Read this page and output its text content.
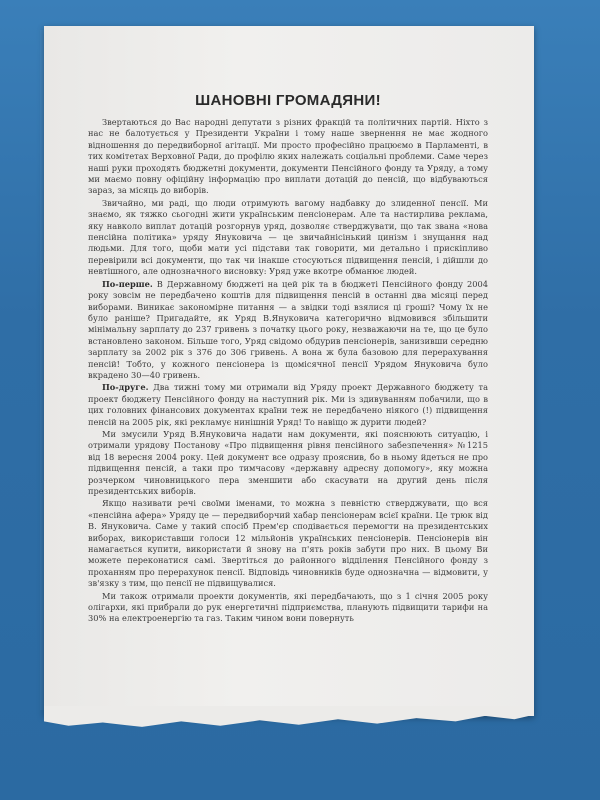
ШАНОВНІ ГРОМАДЯНИ!

Звертаються до Вас народні депутати з різних фракцій та політичних партій. Ніхто з нас не балотується у Президенти України і тому наше звернення не має жодного відношення до передвиборної агітації. Ми просто професійно працюємо в Парламенті, в тих комітетах Верховної Ради, до профілю яких належать соціальні проблеми. Саме через наші руки проходять бюджетні документи, документи Пенсійного фонду та Уряду, а тому ми маємо повну офіційну інформацію про виплати дотацій до пенсій, що відбуваються зараз, за місяць до виборів.

Звичайно, ми раді, що люди отримують вагому надбавку до злиденної пенсії. Ми знаємо, як тяжко сьогодні жити українським пенсіонерам. Але та настирлива реклама, яку навколо виплат дотацій розгорнув уряд, дозволяє стверджувати, що так звана «нова пенсійна політика» уряду Януковича — це звичайнісінький цинізм і знущання над людьми. Для того, щоби мати усі підстави так говорити, ми детально і прискіпливо перевірили всі документи, що так чи інакше стосуються підвищення пенсій, і дійшли до невтішного, але однозначного висновку: Уряд уже вкотре обманює людей.

По-перше. В Державному бюджеті на цей рік та в бюджеті Пенсійного фонду 2004 року зовсім не передбачено коштів для підвищення пенсій в останні два місяці перед виборами. Виникає закономірне питання — а звідки тоді взялися ці гроші? Чому їх не було раніше? Пригадайте, як Уряд В.Януковича категорично відмовився збільшити мінімальну зарплату до 237 гривень з початку цього року, незважаючи на те, що це було встановлено законом. Більше того, Уряд свідомо обдурив пенсіонерів, занизивши середню зарплату за 2002 рік з 376 до 306 гривень. А вона ж була базовою для перерахування пенсій! Тобто, у кожного пенсіонера із щомісячної пенсії Урядом Януковича було вкрадено 30—40 гривень.

По-друге. Два тижні тому ми отримали від Уряду проект Державного бюджету та проект бюджету Пенсійного фонду на наступний рік. Ми із здивуванням побачили, що в цих головних фінансових документах країни теж не передбачено ніякого (!) підвищення пенсій на 2005 рік, які рекламує нинішній Уряд! То навіщо ж дурити людей?

Ми змусили Уряд В.Януковича надати нам документи, які пояснюють ситуацію, і отримали урядову Постанову «Про підвищення рівня пенсійного забезпечення» №1215 від 18 вересня 2004 року. Цей документ все одразу прояснив, бо в ньому йдеться не про підвищення пенсій, а таки про тимчасову «державну адресну допомогу», яку можна розчерком чиновницького пера зменшити або скасувати на другий день після президентських виборів.

Якщо називати речі своїми іменами, то можна з певністю стверджувати, що вся «пенсійна афера» Уряду це — передвиборчий хабар пенсіонерам всієї країни. Це трюк від В. Януковича. Саме у такий спосіб Прем'єр сподівається перемогти на президентських виборах, використавши голоси 12 мільйонів українських пенсіонерів. Пенсіонерів він намагається купити, використати й знову на п'ять років забути про них. В цьому Ви можете переконатися самі. Звертіться до районного відділення Пенсійного фонду з проханням про перерахунок пенсії. Відповідь чиновників буде однозначна — відмовити, у зв'язку з тим, що пенсії не підвищувалися.

Ми також отримали проекти документів, які передбачають, що з 1 січня 2005 року олігархи, які прибрали до рук енергетичні підприємства, планують підвищити тарифи на 30% на електроенергію та газ. Таким чином вони повернуть
